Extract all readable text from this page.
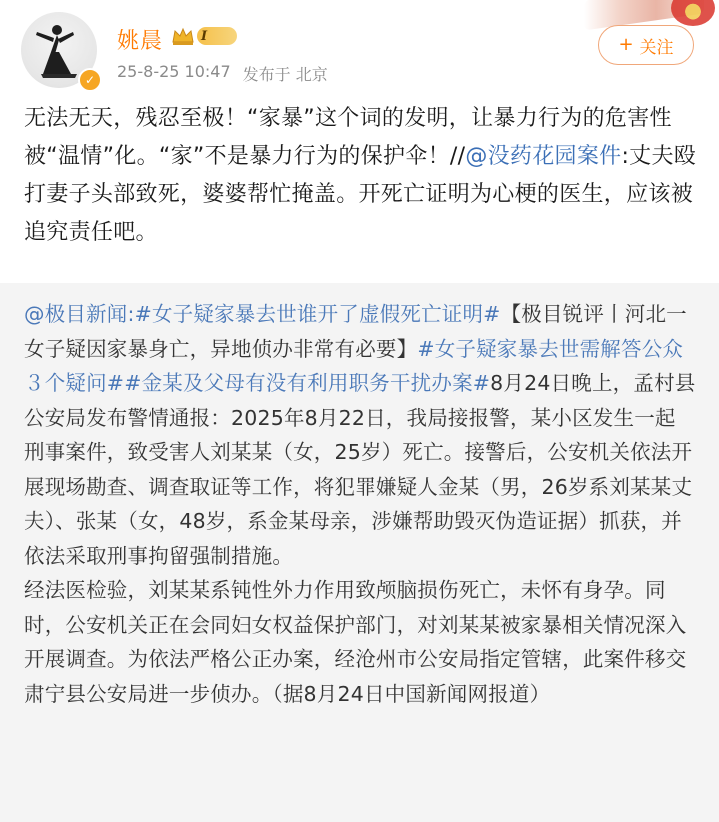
✓
姚晨	I
25-8-25 10:47 发布于 北京
+ 关注
无法无天，残忍至极！“家暴”这个词的发明，让暴力行为的危害性被“温情”化。“家”不是暴力行为的保护伞！//@没药花园案件:丈夫殴打妻子头部致死，婆婆帮忙掩盖。开死亡证明为心梗的医生，应该被追究责任吧。
@极目新闻:#女子疑家暴去世谁开了虚假死亡证明#【极目锐评丨河北一女子疑因家暴身亡，异地侦办非常有必要】#女子疑家暴去世需解答公众３个疑问##金某及父母有没有利用职务干扰办案#8月24日晚上，孟村县公安局发布警情通报：2025年8月22日，我局接报警，某小区发生一起刑事案件，致受害人刘某某（女，25岁）死亡。接警后，公安机关依法开展现场勘查、调查取证等工作，将犯罪嫌疑人金某（男，26岁系刘某某丈夫）、张某（女，48岁，系金某母亲，涉嫌帮助毁灭伪造证据）抓获，并依法采取刑事拘留强制措施。
经法医检验，刘某某系钝性外力作用致颅脑损伤死亡，未怀有身孕。同时，公安机关正在会同妇女权益保护部门，对刘某某被家暴相关情况深入开展调查。为依法严格公正办案，经沧州市公安局指定管辖，此案件移交肃宁县公安局进一步侦办。（据8月24日中国新闻网报道）
